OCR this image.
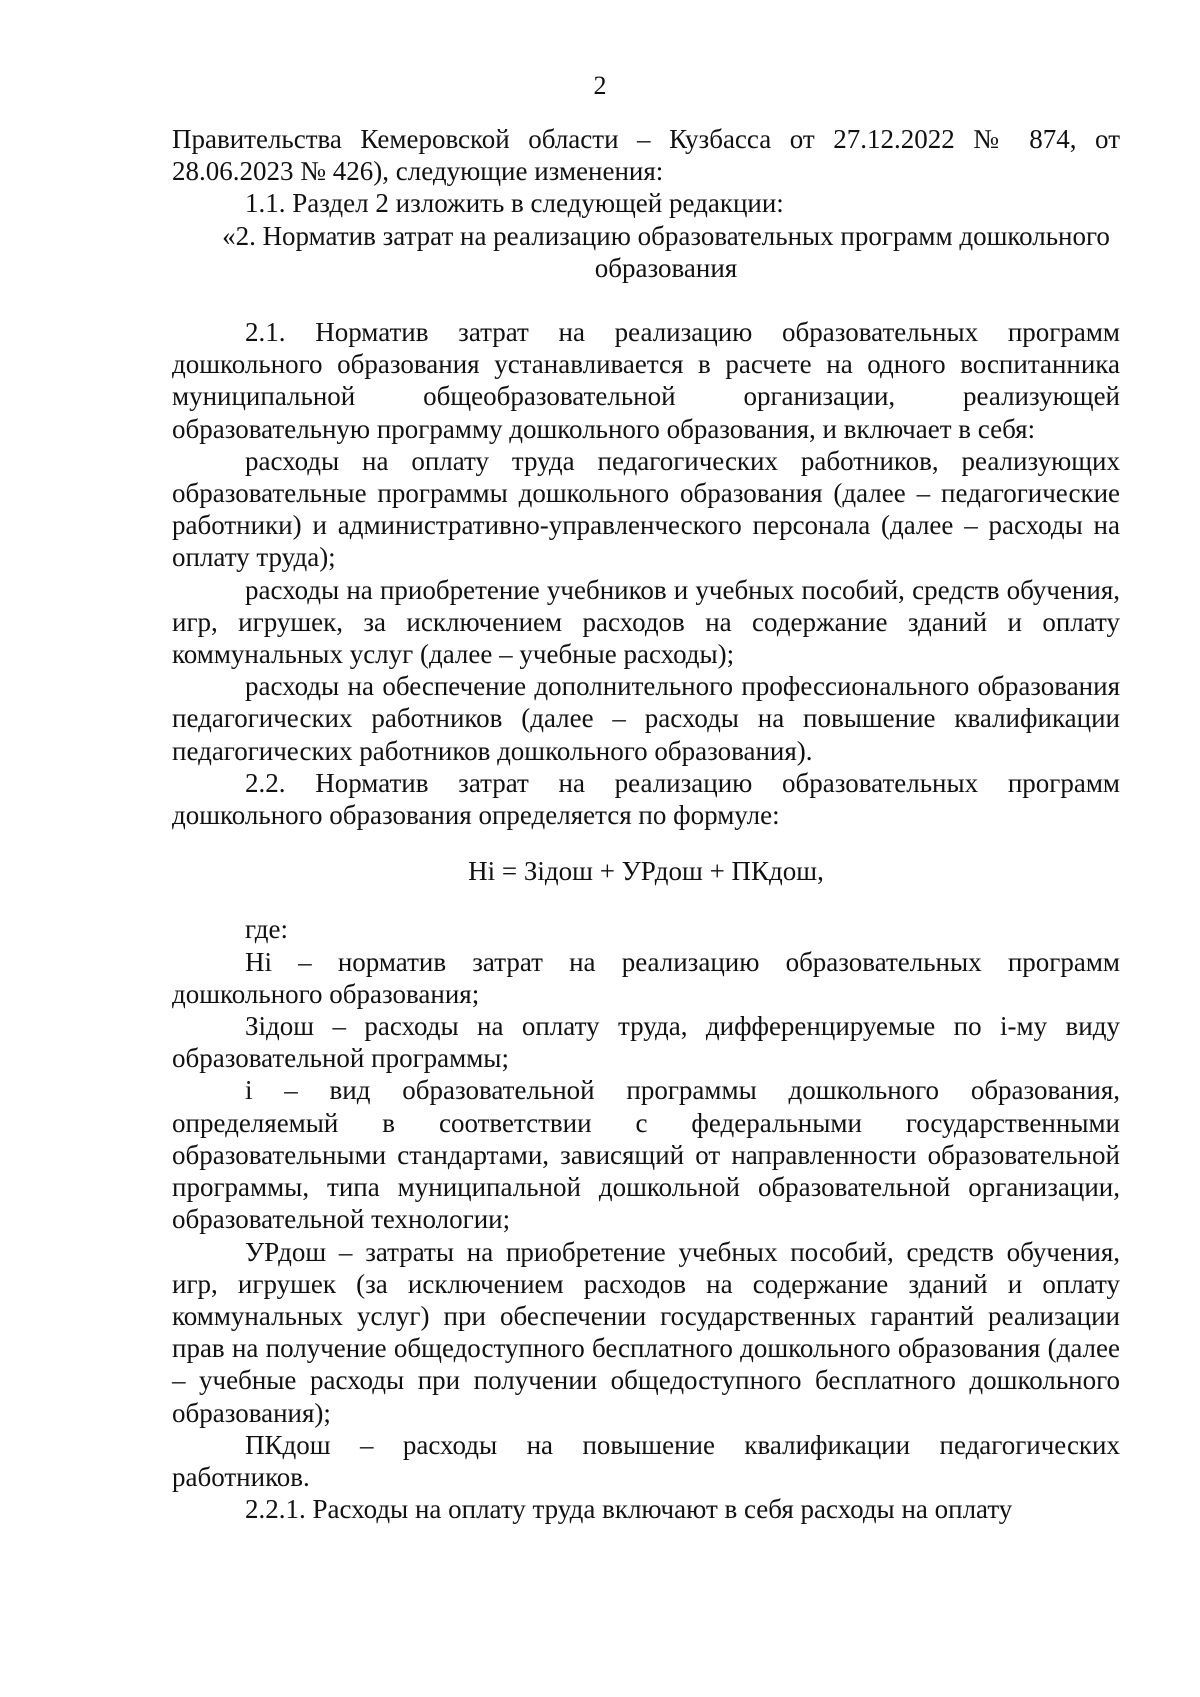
2

Правительства Кемеровской области – Кузбасса от 27.12.2022 № 874, от 28.06.2023 № 426), следующие изменения:

1.1. Раздел 2 изложить в следующей редакции:

«2. Норматив затрат на реализацию образовательных программ дошкольного образования

2.1. Норматив затрат на реализацию образовательных программ дошкольного образования устанавливается в расчете на одного воспитанника муниципальной общеобразовательной организации, реализующей образовательную программу дошкольного образования, и включает в себя:

расходы на оплату труда педагогических работников, реализующих образовательные программы дошкольного образования (далее – педагогические работники) и административно-управленческого персонала (далее – расходы на оплату труда);

расходы на приобретение учебников и учебных пособий, средств обучения, игр, игрушек, за исключением расходов на содержание зданий и оплату коммунальных услуг (далее – учебные расходы);

расходы на обеспечение дополнительного профессионального образования педагогических работников (далее – расходы на повышение квалификации педагогических работников дошкольного образования).

2.2. Норматив затрат на реализацию образовательных программ дошкольного образования определяется по формуле:

Нi = Зiдош + УРдош + ПКдош,

где:

Нi – норматив затрат на реализацию образовательных программ дошкольного образования;

Зiдош – расходы на оплату труда, дифференцируемые по i-му виду образовательной программы;

i – вид образовательной программы дошкольного образования, определяемый в соответствии с федеральными государственными образовательными стандартами, зависящий от направленности образовательной программы, типа муниципальной дошкольной образовательной организации, образовательной технологии;

УРдош – затраты на приобретение учебных пособий, средств обучения, игр, игрушек (за исключением расходов на содержание зданий и оплату коммунальных услуг) при обеспечении государственных гарантий реализации прав на получение общедоступного бесплатного дошкольного образования (далее – учебные расходы при получении общедоступного бесплатного дошкольного образования);

ПКдош – расходы на повышение квалификации педагогических работников.

2.2.1. Расходы на оплату труда включают в себя расходы на оплату
